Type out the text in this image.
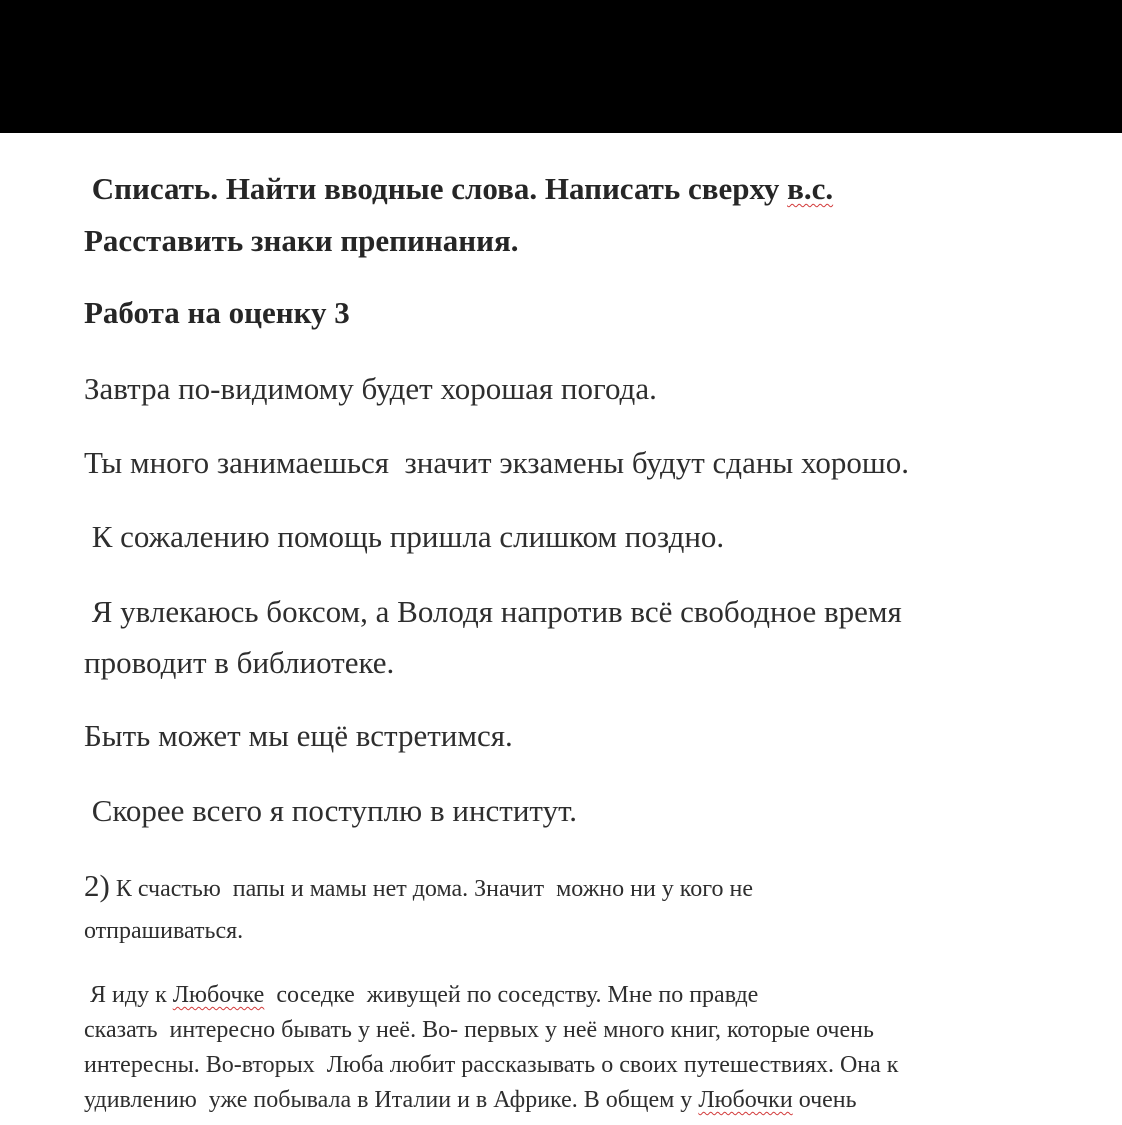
Списать. Найти вводные слова. Написать сверху в.с.
Расставить знаки препинания.
Работа на оценку 3
Завтра по-видимому будет хорошая погода.
Ты много занимаешься  значит экзамены будут сданы хорошо.
К сожалению помощь пришла слишком поздно.
Я увлекаюсь боксом, а Володя напротив всё свободное время
проводит в библиотеке.
Быть может мы ещё встретимся.
Скорее всего я поступлю в институт.
2) К счастью  папы и мамы нет дома. Значит  можно ни у кого не
отпрашиваться.
Я иду к Любочке  соседке  живущей по соседству. Мне по правде
сказать  интересно бывать у неё. Во- первых у неё много книг, которые очень
интересны. Во-вторых  Люба любит рассказывать о своих путешествиях. Она к
удивлению  уже побывала в Италии и в Африке. В общем у Любочки очень
